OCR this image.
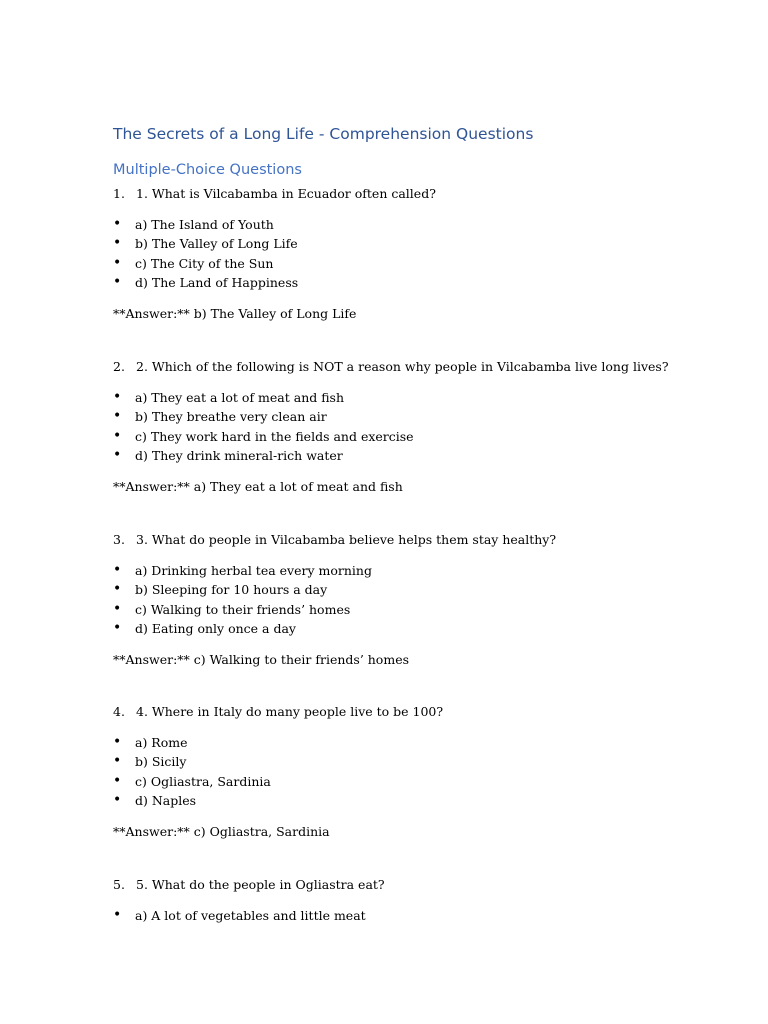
The Secrets of a Long Life - Comprehension Questions
Multiple-Choice Questions
1. 1. What is Vilcabamba in Ecuador often called?
•	a) The Island of Youth
•	b) The Valley of Long Life
•	c) The City of the Sun
•	d) The Land of Happiness
**Answer:** b) The Valley of Long Life
2. 2. Which of the following is NOT a reason why people in Vilcabamba live long lives?
•	a) They eat a lot of meat and fish
•	b) They breathe very clean air
•	c) They work hard in the fields and exercise
•	d) They drink mineral-rich water
**Answer:** a) They eat a lot of meat and fish
3. 3. What do people in Vilcabamba believe helps them stay healthy?
•	a) Drinking herbal tea every morning
•	b) Sleeping for 10 hours a day
•	c) Walking to their friends’ homes
•	d) Eating only once a day
**Answer:** c) Walking to their friends’ homes
4. 4. Where in Italy do many people live to be 100?
•	a) Rome
•	b) Sicily
•	c) Ogliastra, Sardinia
•	d) Naples
**Answer:** c) Ogliastra, Sardinia
5. 5. What do the people in Ogliastra eat?
•	a) A lot of vegetables and little meat
